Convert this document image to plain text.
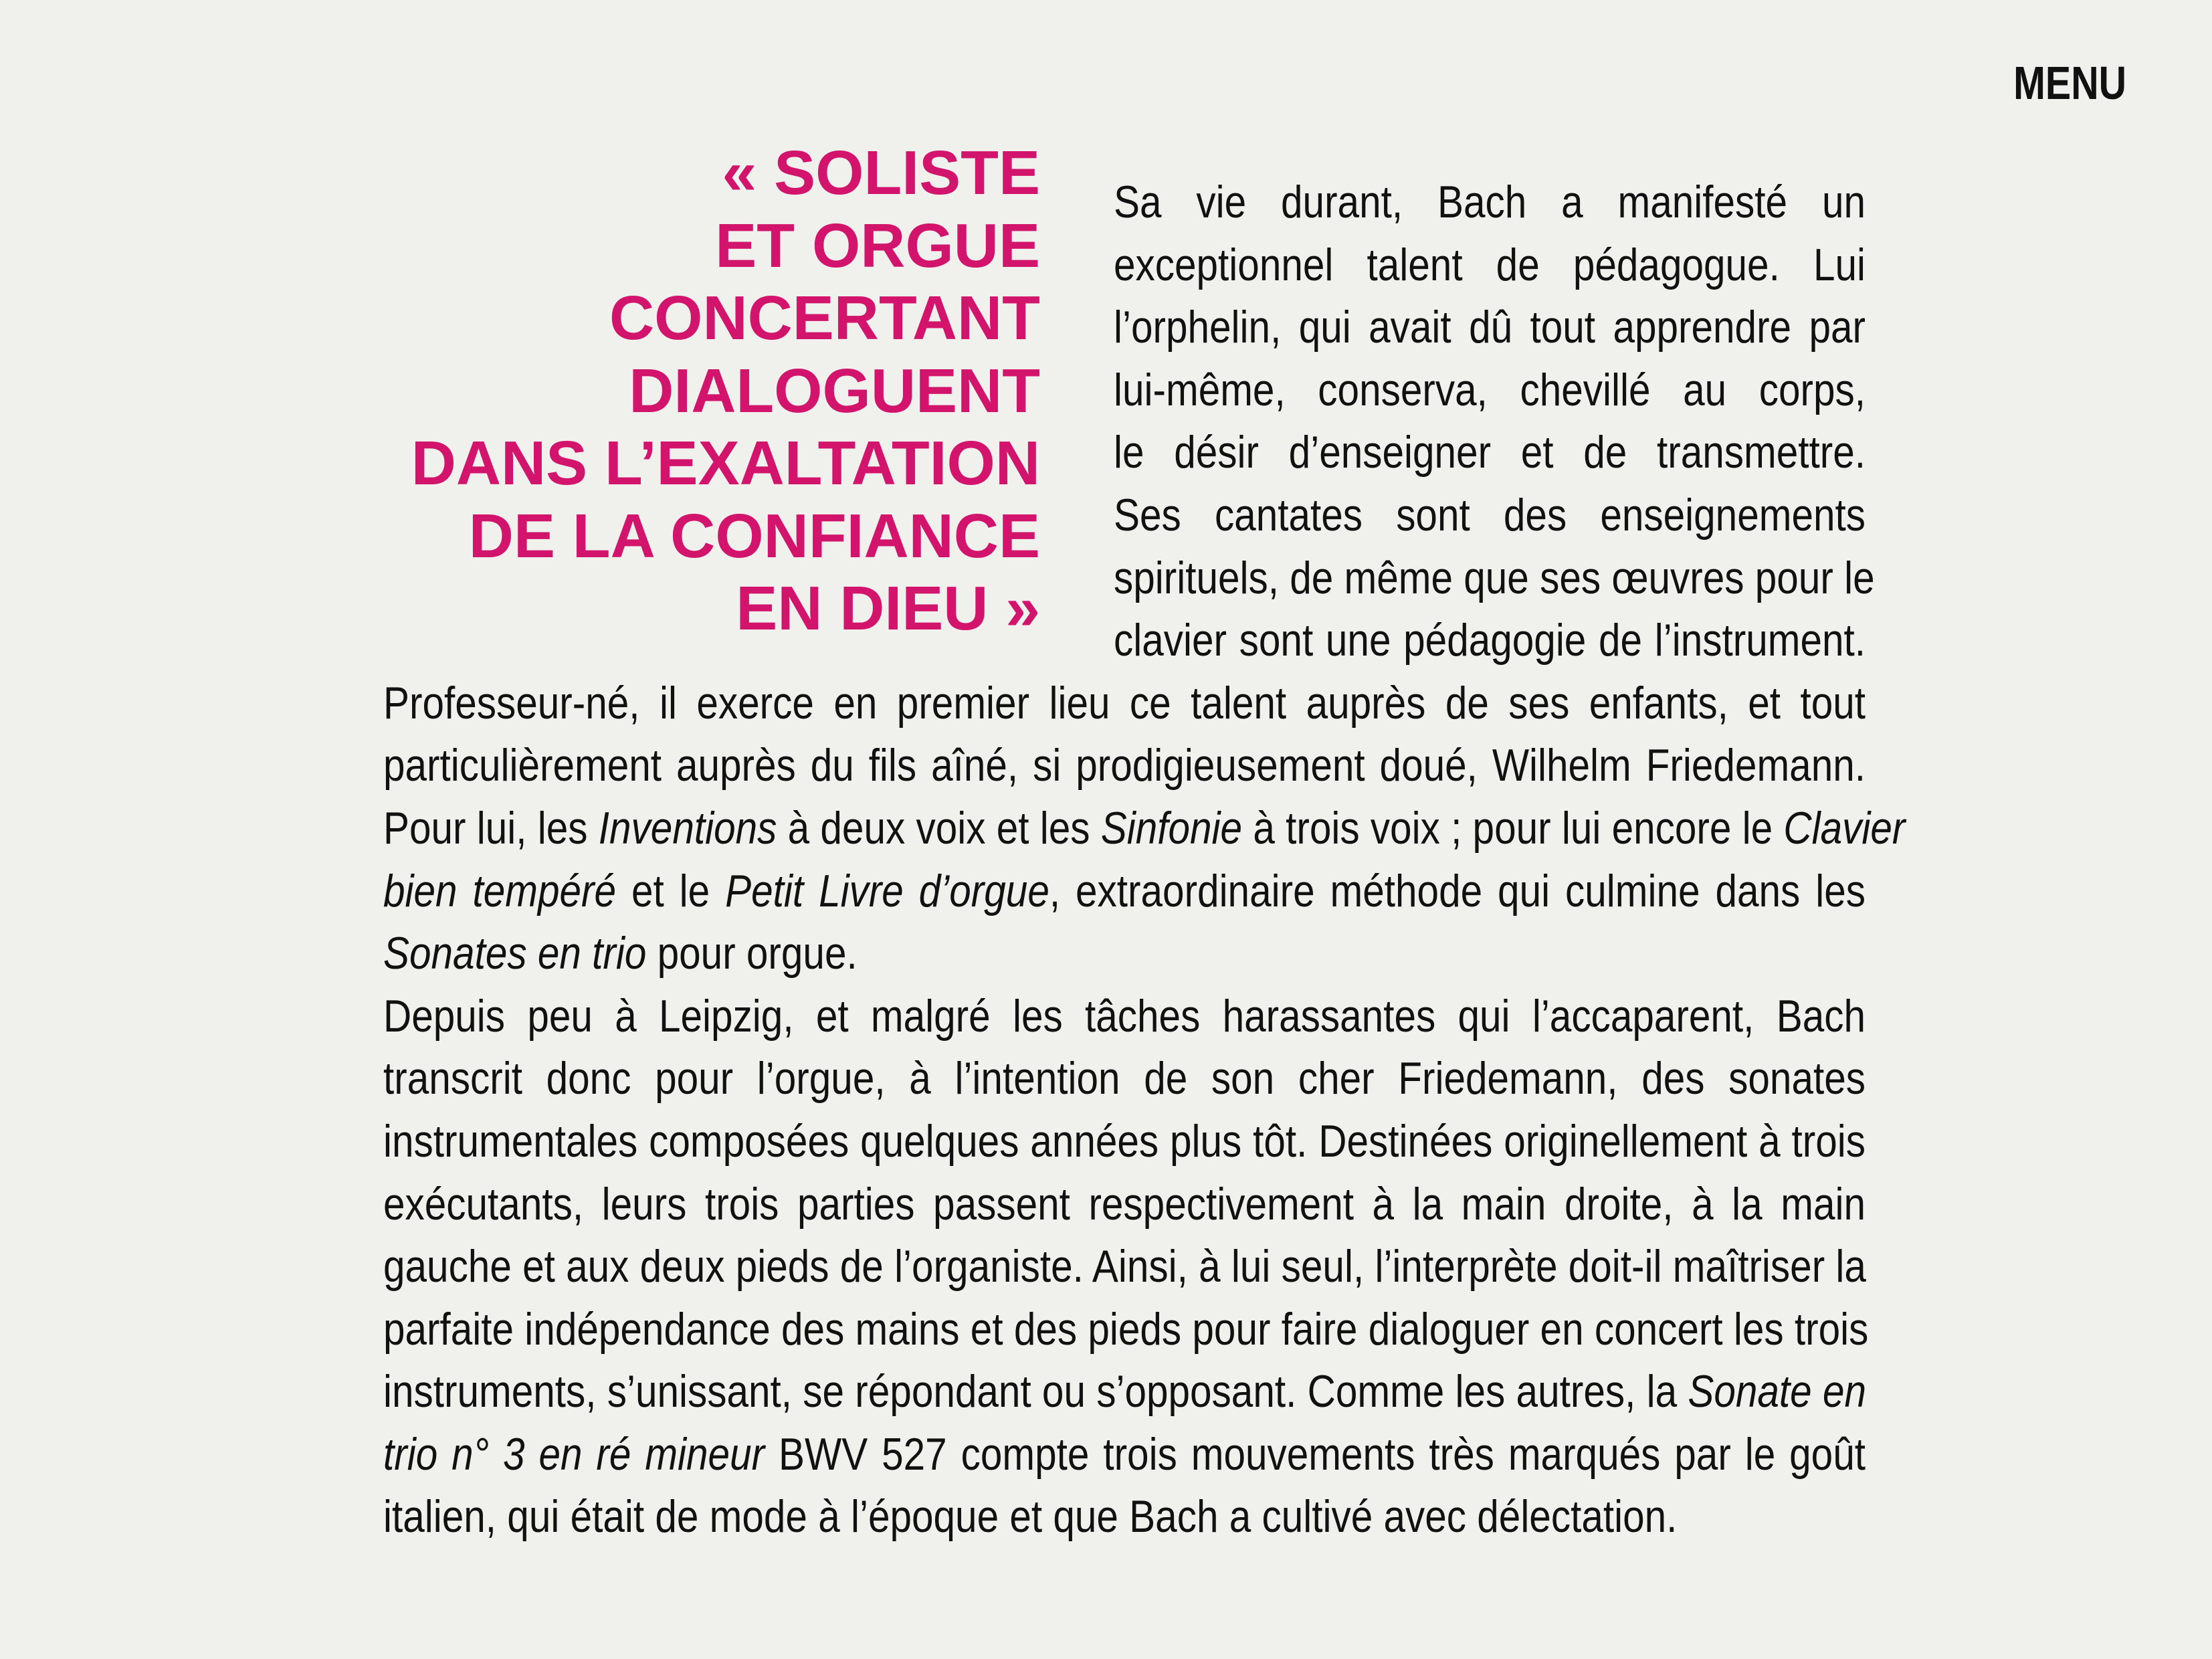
MENU
« SOLISTE
ET ORGUE
CONCERTANT
DIALOGUENT
DANS L’EXALTATION
DE LA CONFIANCE
EN DIEU »
Sa vie durant, Bach a manifesté un
exceptionnel talent de pédagogue. Lui
l’orphelin, qui avait dû tout apprendre par
lui-même, conserva, chevillé au corps,
le désir d’enseigner et de transmettre.
Ses cantates sont des enseignements
spirituels, de même que ses œuvres pour le
clavier sont une pédagogie de l’instrument.
Professeur-né, il exerce en premier lieu ce talent auprès de ses enfants, et tout
particulièrement auprès du fils aîné, si prodigieusement doué, Wilhelm Friedemann.
Pour lui, les Inventions à deux voix et les Sinfonie à trois voix ; pour lui encore le Clavier
bien tempéré et le Petit Livre d’orgue, extraordinaire méthode qui culmine dans les
Sonates en trio pour orgue.
Depuis peu à Leipzig, et malgré les tâches harassantes qui l’accaparent, Bach
transcrit donc pour l’orgue, à l’intention de son cher Friedemann, des sonates
instrumentales composées quelques années plus tôt. Destinées originellement à trois
exécutants, leurs trois parties passent respectivement à la main droite, à la main
gauche et aux deux pieds de l’organiste. Ainsi, à lui seul, l’interprète doit-il maîtriser la
parfaite indépendance des mains et des pieds pour faire dialoguer en concert les trois
instruments, s’unissant, se répondant ou s’opposant. Comme les autres, la Sonate en
trio n° 3 en ré mineur BWV 527 compte trois mouvements très marqués par le goût
italien, qui était de mode à l’époque et que Bach a cultivé avec délectation.
